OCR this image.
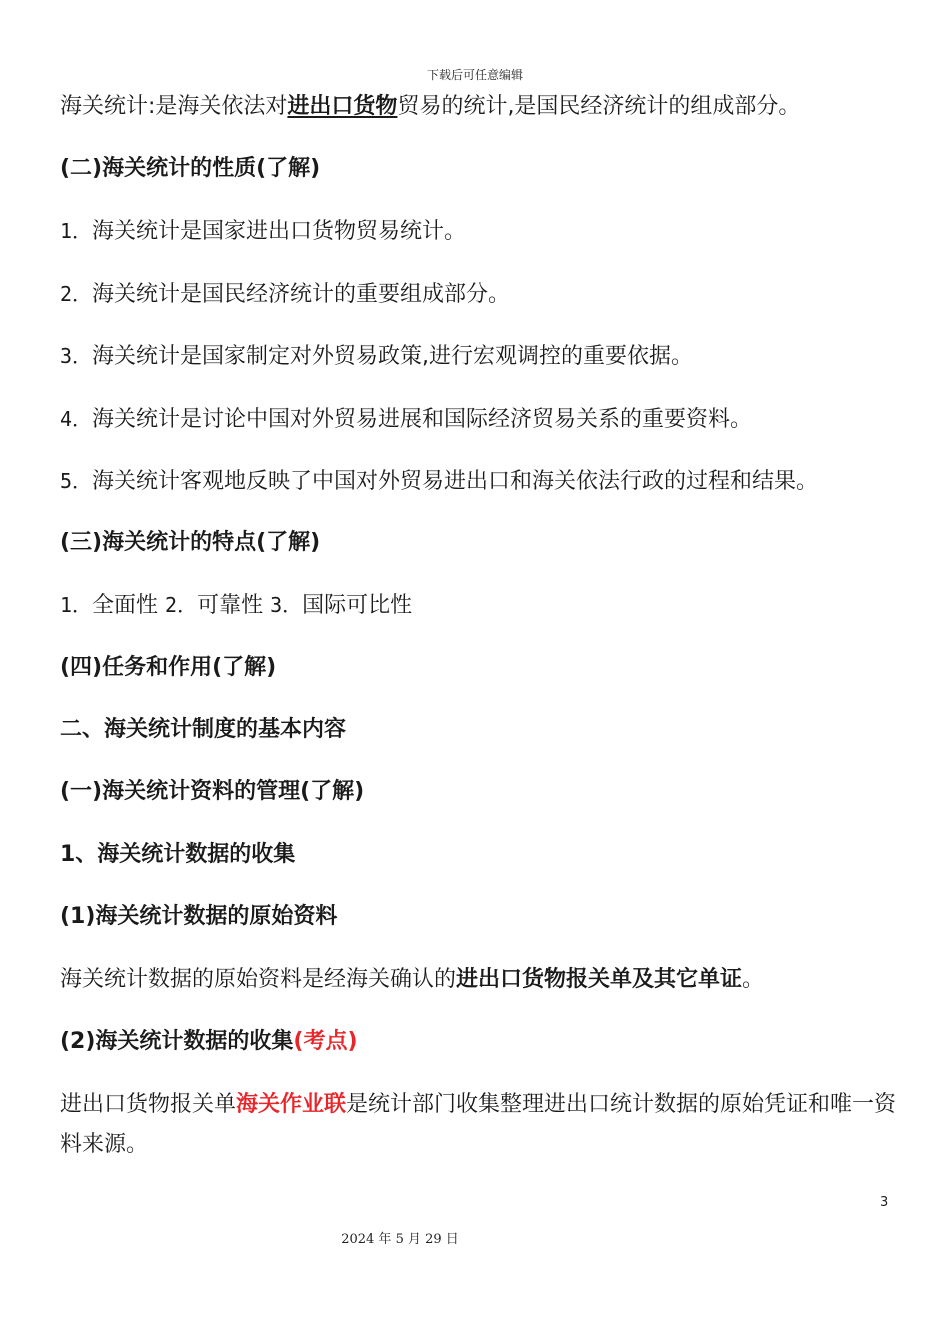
下载后可任意编辑
海关统计:是海关依法对进出口货物贸易的统计,是国民经济统计的组成部分。
(二)海关统计的性质(了解)
1．海关统计是国家进出口货物贸易统计。
2．海关统计是国民经济统计的重要组成部分。
3．海关统计是国家制定对外贸易政策,进行宏观调控的重要依据。
4．海关统计是讨论中国对外贸易进展和国际经济贸易关系的重要资料。
5．海关统计客观地反映了中国对外贸易进出口和海关依法行政的过程和结果。
(三)海关统计的特点(了解)
1．全面性 2．可靠性 3．国际可比性
(四)任务和作用(了解)
二、海关统计制度的基本内容
(一)海关统计资料的管理(了解)
1、海关统计数据的收集
(1)海关统计数据的原始资料
海关统计数据的原始资料是经海关确认的进出口货物报关单及其它单证。
(2)海关统计数据的收集(考点)
进出口货物报关单海关作业联是统计部门收集整理进出口统计数据的原始凭证和唯一资料来源。
3
2024 年 5 月 29 日
